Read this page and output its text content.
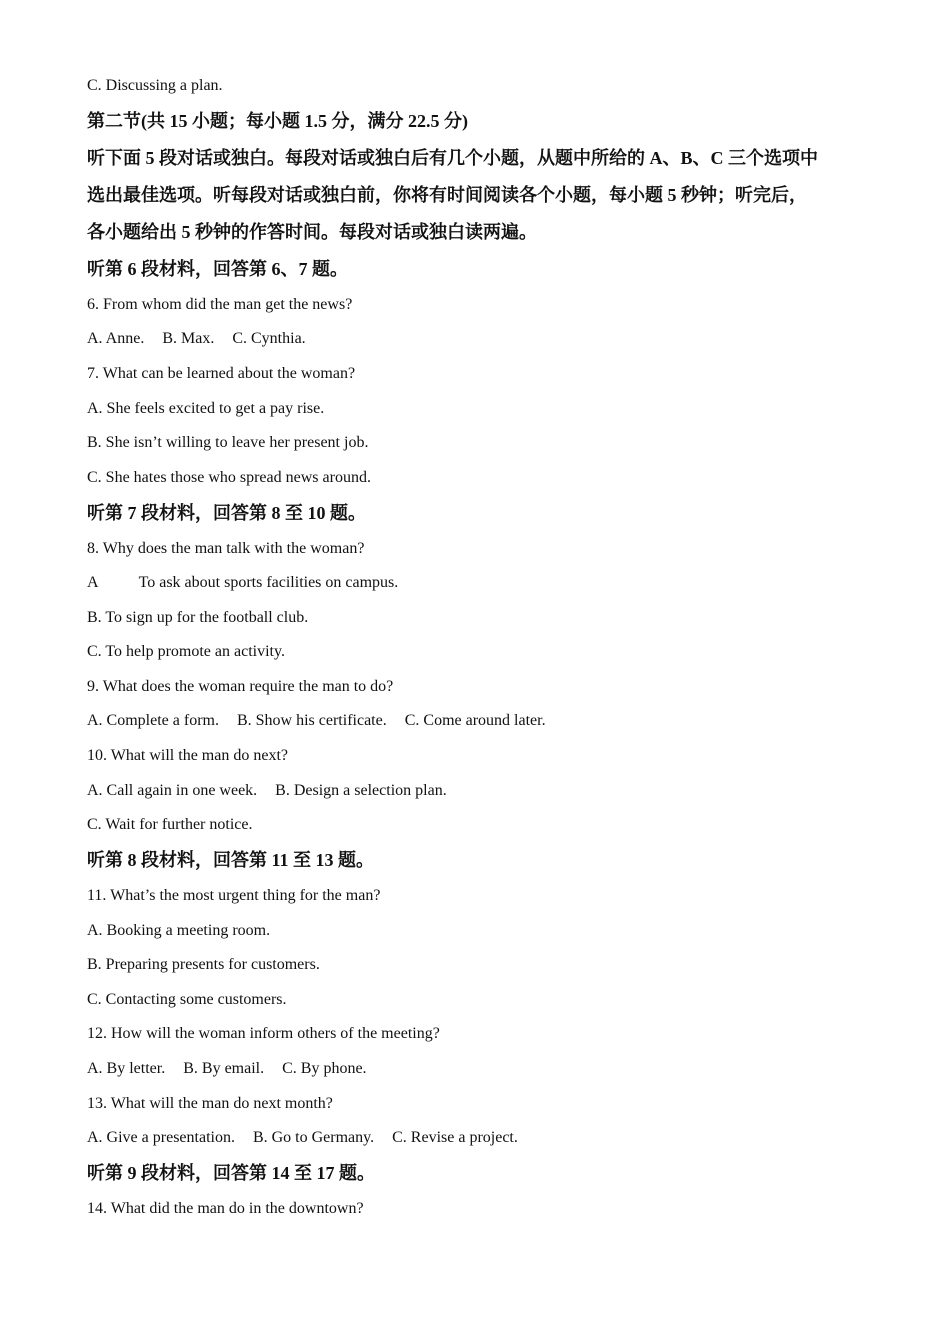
C. Discussing a plan.
第二节(共 15 小题；每小题 1.5 分，满分 22.5 分)
听下面 5 段对话或独白。每段对话或独白后有几个小题，从题中所给的 A、B、C 三个选项中
选出最佳选项。听每段对话或独白前，你将有时间阅读各个小题，每小题 5 秒钟；听完后，
各小题给出 5 秒钟的作答时间。每段对话或独白读两遍。
听第 6 段材料，回答第 6、7 题。
6. From whom did the man get the news?
A. Anne. B. Max. C. Cynthia.
7. What can be learned about the woman?
A. She feels excited to get a pay rise.
B. She isn’t willing to leave her present job.
C. She hates those who spread news around.
听第 7 段材料，回答第 8 至 10 题。
8. Why does the man talk with the woman?
A	To ask about sports facilities on campus.
B. To sign up for the football club.
C. To help promote an activity.
9. What does the woman require the man to do?
A. Complete a form. B. Show his certificate. C. Come around later.
10. What will the man do next?
A. Call again in one week. B. Design a selection plan.
C. Wait for further notice.
听第 8 段材料，回答第 11 至 13 题。
11. What’s the most urgent thing for the man?
A. Booking a meeting room.
B. Preparing presents for customers.
C. Contacting some customers.
12. How will the woman inform others of the meeting?
A. By letter. B. By email. C. By phone.
13. What will the man do next month?
A. Give a presentation. B. Go to Germany. C. Revise a project.
听第 9 段材料，回答第 14 至 17 题。
14. What did the man do in the downtown?
